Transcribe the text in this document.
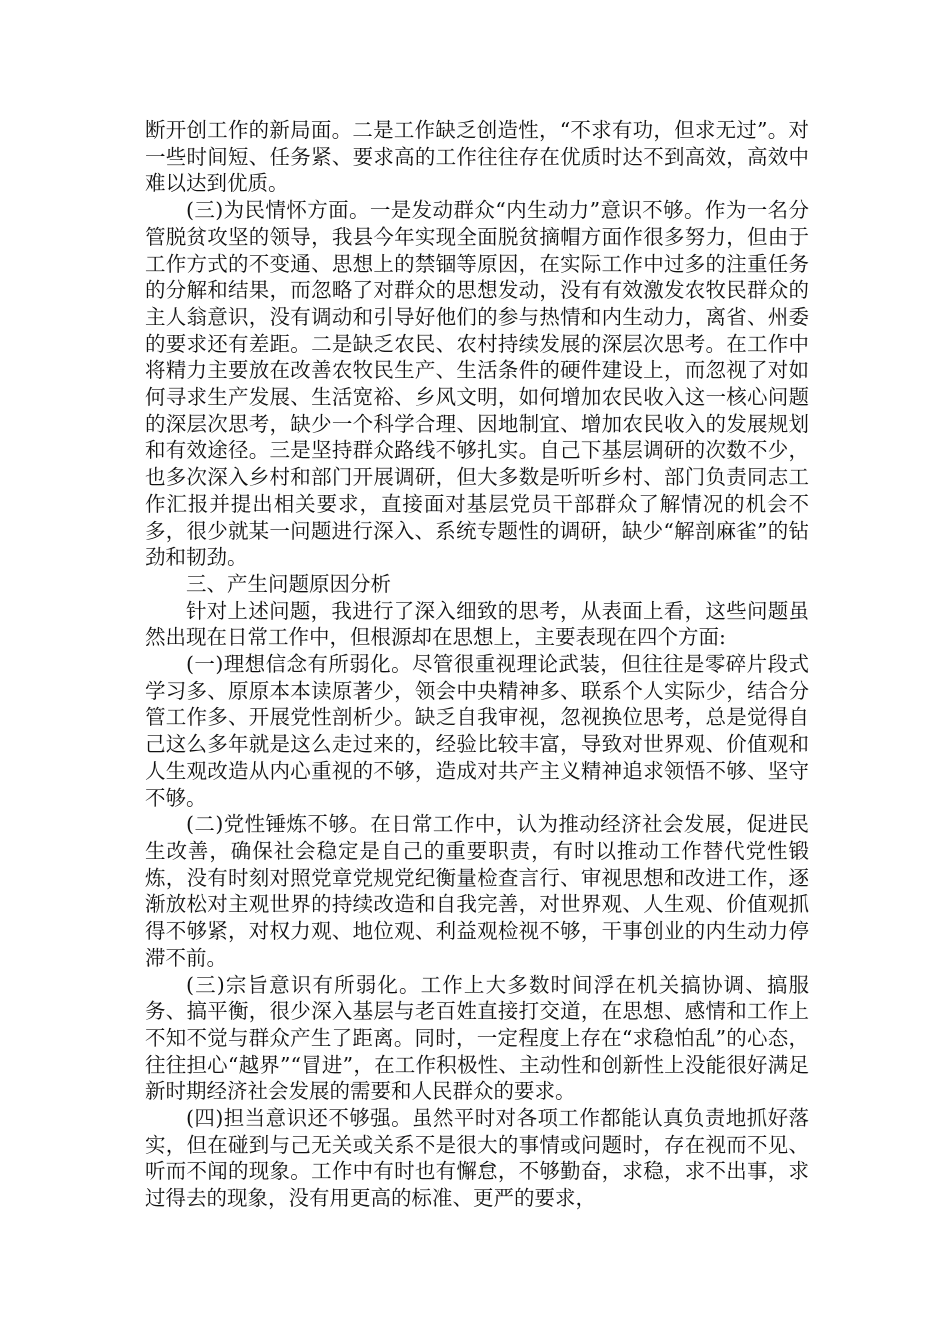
断开创工作的新局面。二是工作缺乏创造性，“不求有功，但求无过”。对一些时间短、任务紧、要求高的工作往往存在优质时达不到高效，高效中难以达到优质。

(三)为民情怀方面。一是发动群众“内生动力”意识不够。作为一名分管脱贫攻坚的领导，我县今年实现全面脱贫摘帽方面作很多努力，但由于工作方式的不变通、思想上的禁锢等原因，在实际工作中过多的注重任务的分解和结果，而忽略了对群众的思想发动，没有有效激发农牧民群众的主人翁意识，没有调动和引导好他们的参与热情和内生动力，离省、州委的要求还有差距。二是缺乏农民、农村持续发展的深层次思考。在工作中将精力主要放在改善农牧民生产、生活条件的硬件建设上，而忽视了对如何寻求生产发展、生活宽裕、乡风文明，如何增加农民收入这一核心问题的深层次思考，缺少一个科学合理、因地制宜、增加农民收入的发展规划和有效途径。三是坚持群众路线不够扎实。自己下基层调研的次数不少，也多次深入乡村和部门开展调研，但大多数是听听乡村、部门负责同志工作汇报并提出相关要求，直接面对基层党员干部群众了解情况的机会不多，很少就某一问题进行深入、系统专题性的调研，缺少“解剖麻雀”的钻劲和韧劲。

三、产生问题原因分析

针对上述问题，我进行了深入细致的思考，从表面上看，这些问题虽然出现在日常工作中，但根源却在思想上，主要表现在四个方面:

(一)理想信念有所弱化。尽管很重视理论武装，但往往是零碎片段式学习多、原原本本读原著少，领会中央精神多、联系个人实际少，结合分管工作多、开展党性剖析少。缺乏自我审视，忽视换位思考，总是觉得自己这么多年就是这么走过来的，经验比较丰富，导致对世界观、价值观和人生观改造从内心重视的不够，造成对共产主义精神追求领悟不够、坚守不够。

(二)党性锤炼不够。在日常工作中，认为推动经济社会发展，促进民生改善，确保社会稳定是自己的重要职责，有时以推动工作替代党性锻炼，没有时刻对照党章党规党纪衡量检查言行、审视思想和改进工作，逐渐放松对主观世界的持续改造和自我完善，对世界观、人生观、价值观抓得不够紧，对权力观、地位观、利益观检视不够，干事创业的内生动力停滞不前。

(三)宗旨意识有所弱化。工作上大多数时间浮在机关搞协调、搞服务、搞平衡，很少深入基层与老百姓直接打交道，在思想、感情和工作上不知不觉与群众产生了距离。同时，一定程度上存在“求稳怕乱”的心态，往往担心“越界”“冒进”，在工作积极性、主动性和创新性上没能很好满足新时期经济社会发展的需要和人民群众的要求。

(四)担当意识还不够强。虽然平时对各项工作都能认真负责地抓好落实，但在碰到与己无关或关系不是很大的事情或问题时，存在视而不见、听而不闻的现象。工作中有时也有懈怠，不够勤奋，求稳，求不出事，求过得去的现象，没有用更高的标准、更严的要求，
